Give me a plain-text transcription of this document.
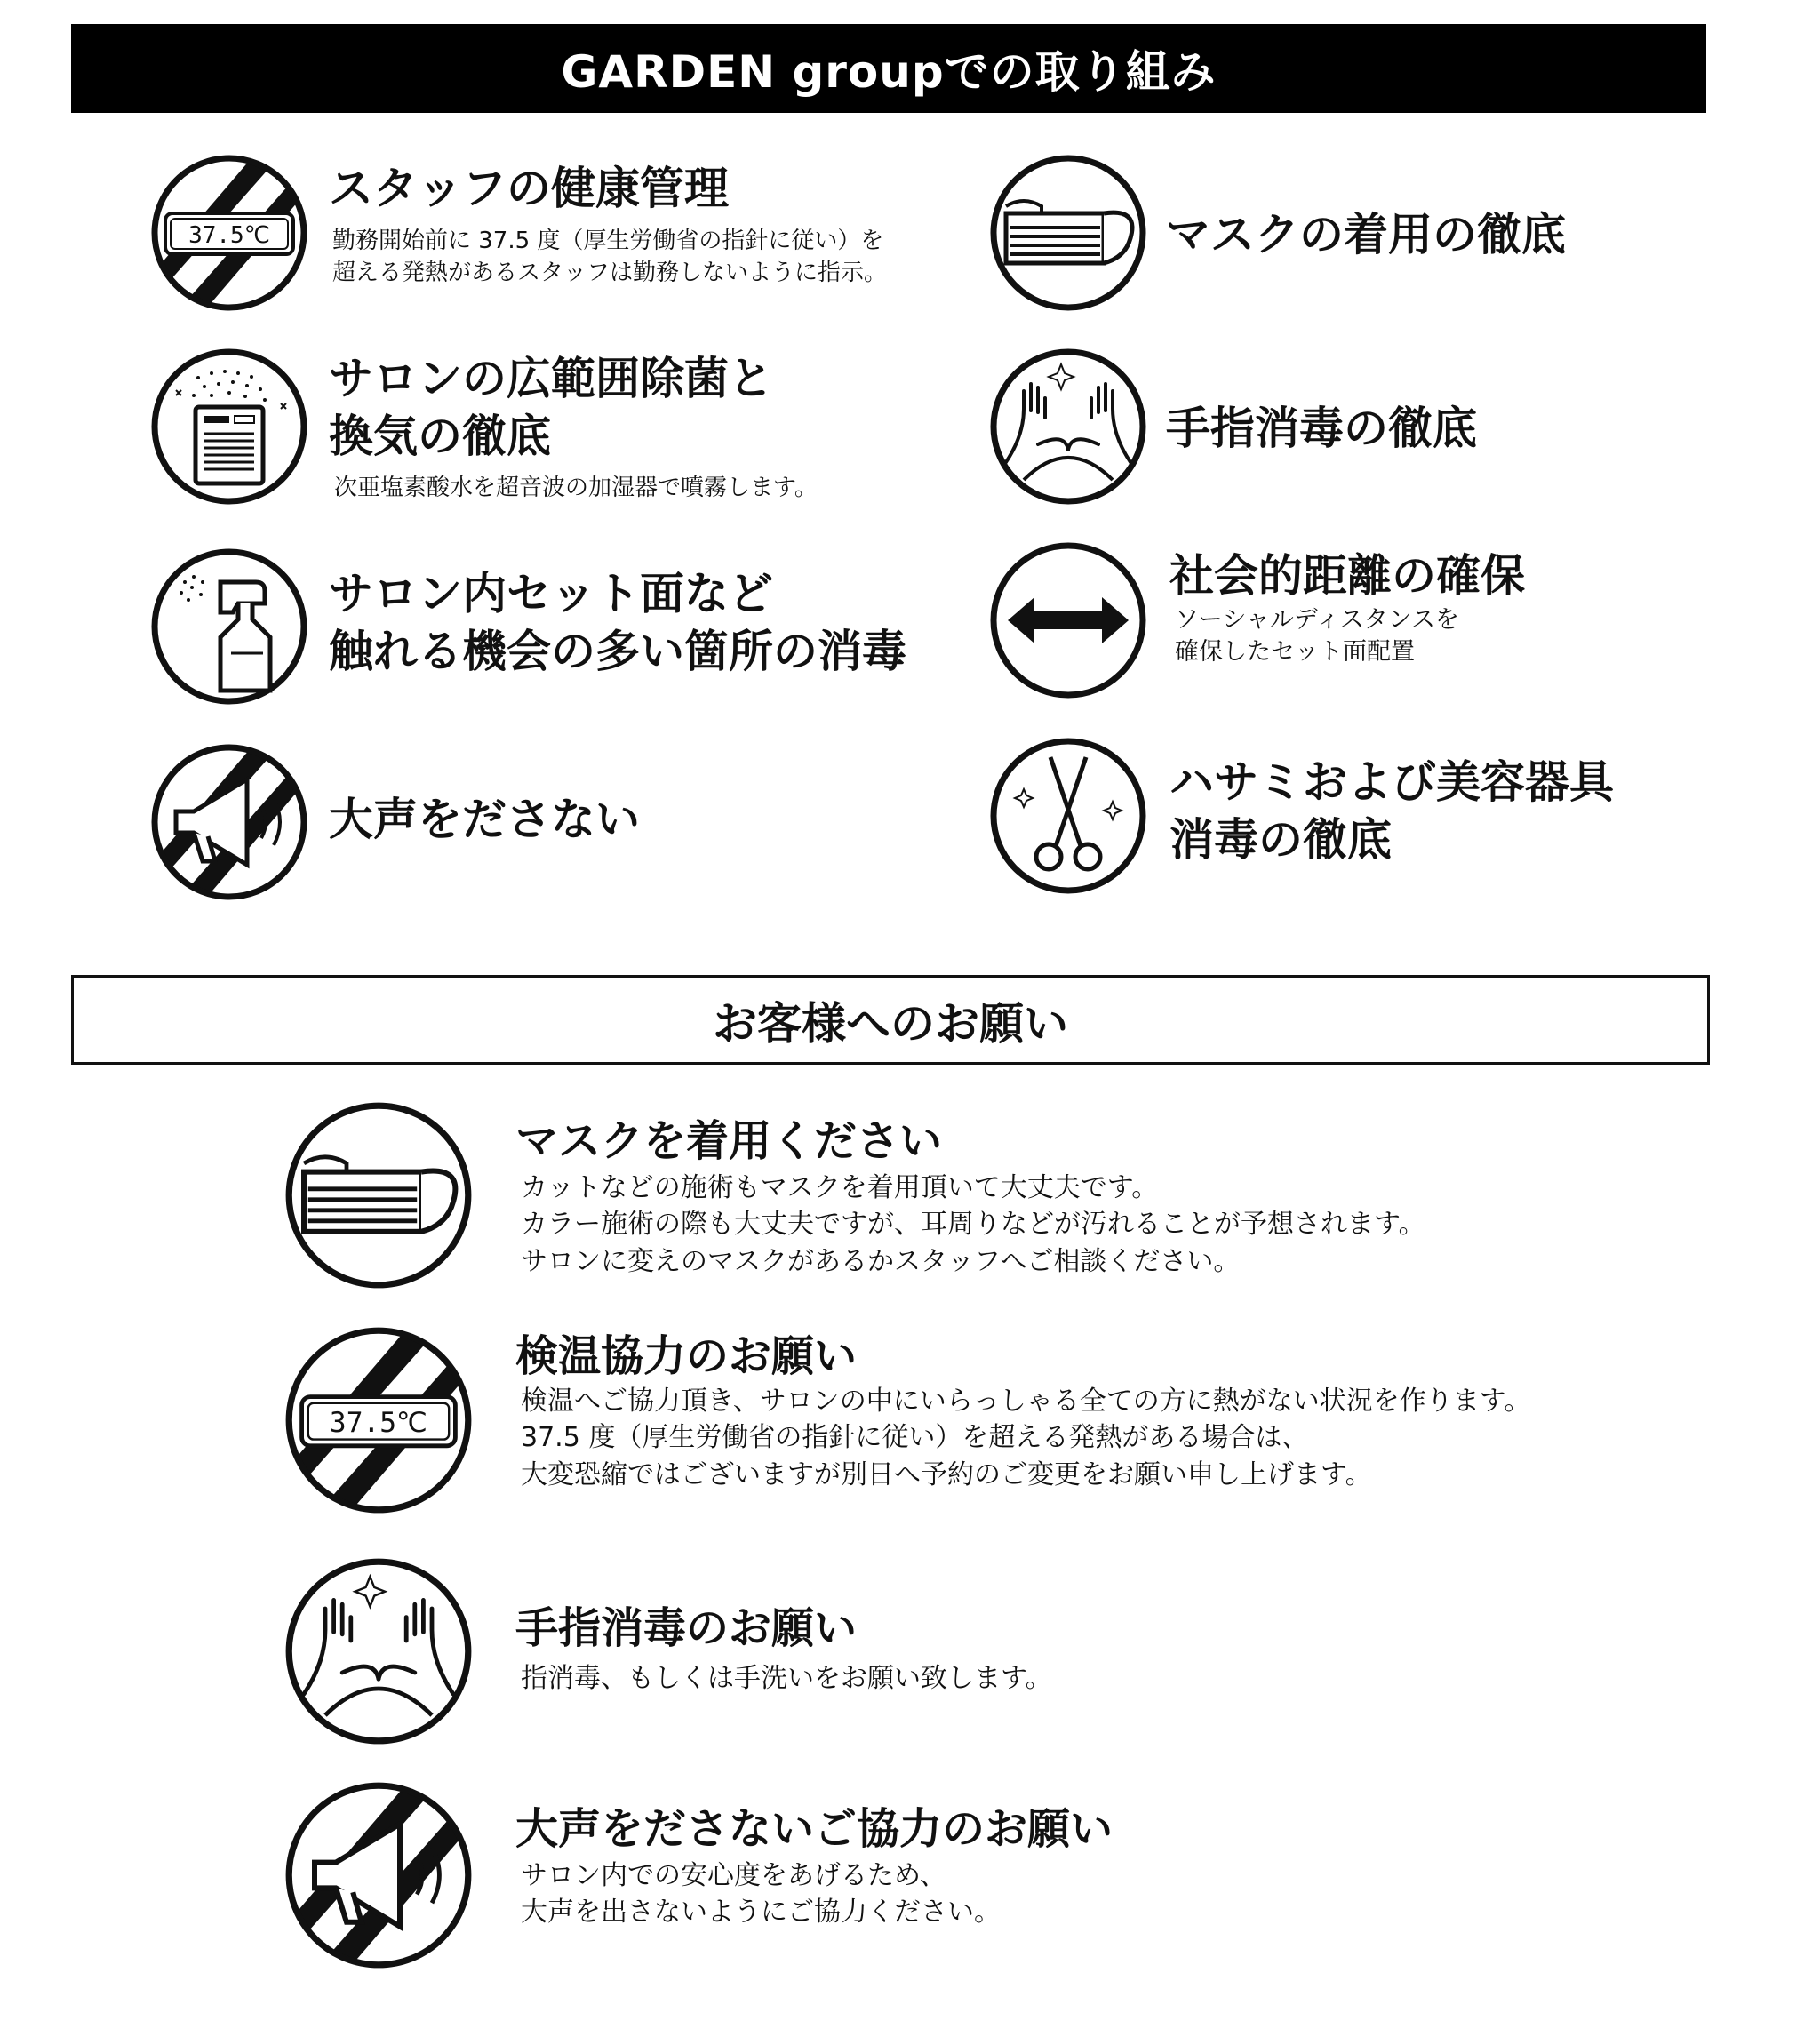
GARDEN groupでの取り組み
37.5℃
スタッフの健康管理
勤務開始前に 37.5 度（厚生労働省の指針に従い）を
超える発熱があるスタッフは勤務しないように指示。
サロンの広範囲除菌と
換気の徹底
次亜塩素酸水を超音波の加湿器で噴霧します。
サロン内セット面など
触れる機会の多い箇所の消毒
大声をださない
マスクの着用の徹底
手指消毒の徹底
社会的距離の確保
ソーシャルディスタンスを
確保したセット面配置
ハサミおよび美容器具
消毒の徹底
お客様へのお願い
マスクを着用ください
カットなどの施術もマスクを着用頂いて大丈夫です。
カラー施術の際も大丈夫ですが、耳周りなどが汚れることが予想されます。
サロンに変えのマスクがあるかスタッフへご相談ください。
37.5℃
検温協力のお願い
検温へご協力頂き、サロンの中にいらっしゃる全ての方に熱がない状況を作ります。
37.5 度（厚生労働省の指針に従い）を超える発熱がある場合は、
大変恐縮ではございますが別日へ予約のご変更をお願い申し上げます。
手指消毒のお願い
指消毒、もしくは手洗いをお願い致します。
大声をださないご協力のお願い
サロン内での安心度をあげるため、
大声を出さないようにご協力ください。
